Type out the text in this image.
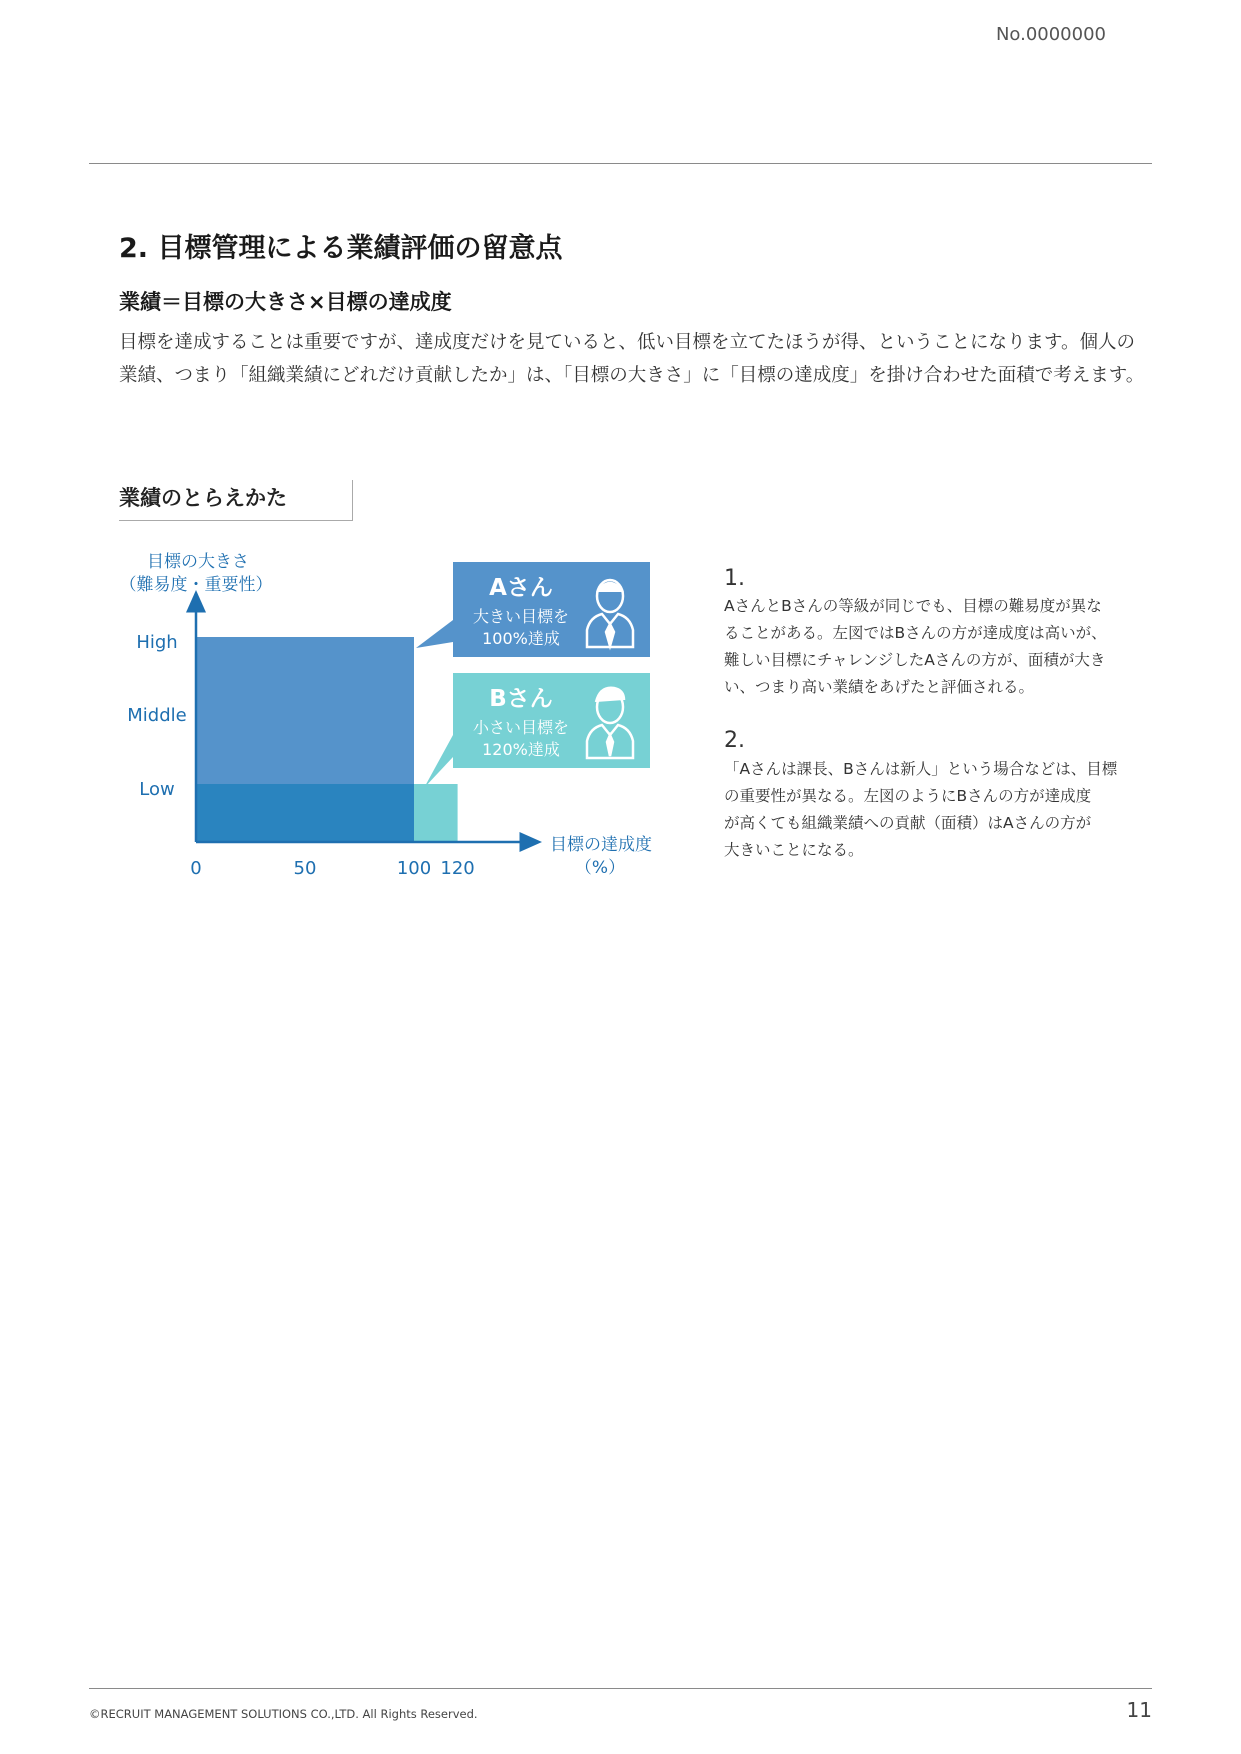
No.0000000
2. 目標管理による業績評価の留意点
業績＝目標の大きさ×目標の達成度
目標を達成することは重要ですが、達成度だけを見ていると、低い目標を立てたほうが得、ということになります。個人の
業績、つまり「組織業績にどれだけ貢献したか」は、「目標の大きさ」に「目標の達成度」を掛け合わせた面積で考えます。
業績のとらえかた
目標の大きさ
（難易度・重要性）
目標の達成度
（%）
High
Middle
Low
0	50	100 120
Aさん
大きい目標を
100%達成
Bさん
小さい目標を
120%達成
1.
AさんとBさんの等級が同じでも、目標の難易度が異な
ることがある。左図ではBさんの方が達成度は高いが、
難しい目標にチャレンジしたAさんの方が、面積が大き
い、つまり高い業績をあげたと評価される。
2.
「Aさんは課長、Bさんは新人」という場合などは、目標
の重要性が異なる。左図のようにBさんの方が達成度
が高くても組織業績への貢献（面積）はAさんの方が
大きいことになる。
©RECRUIT MANAGEMENT SOLUTIONS CO.,LTD. All Rights Reserved.	11
